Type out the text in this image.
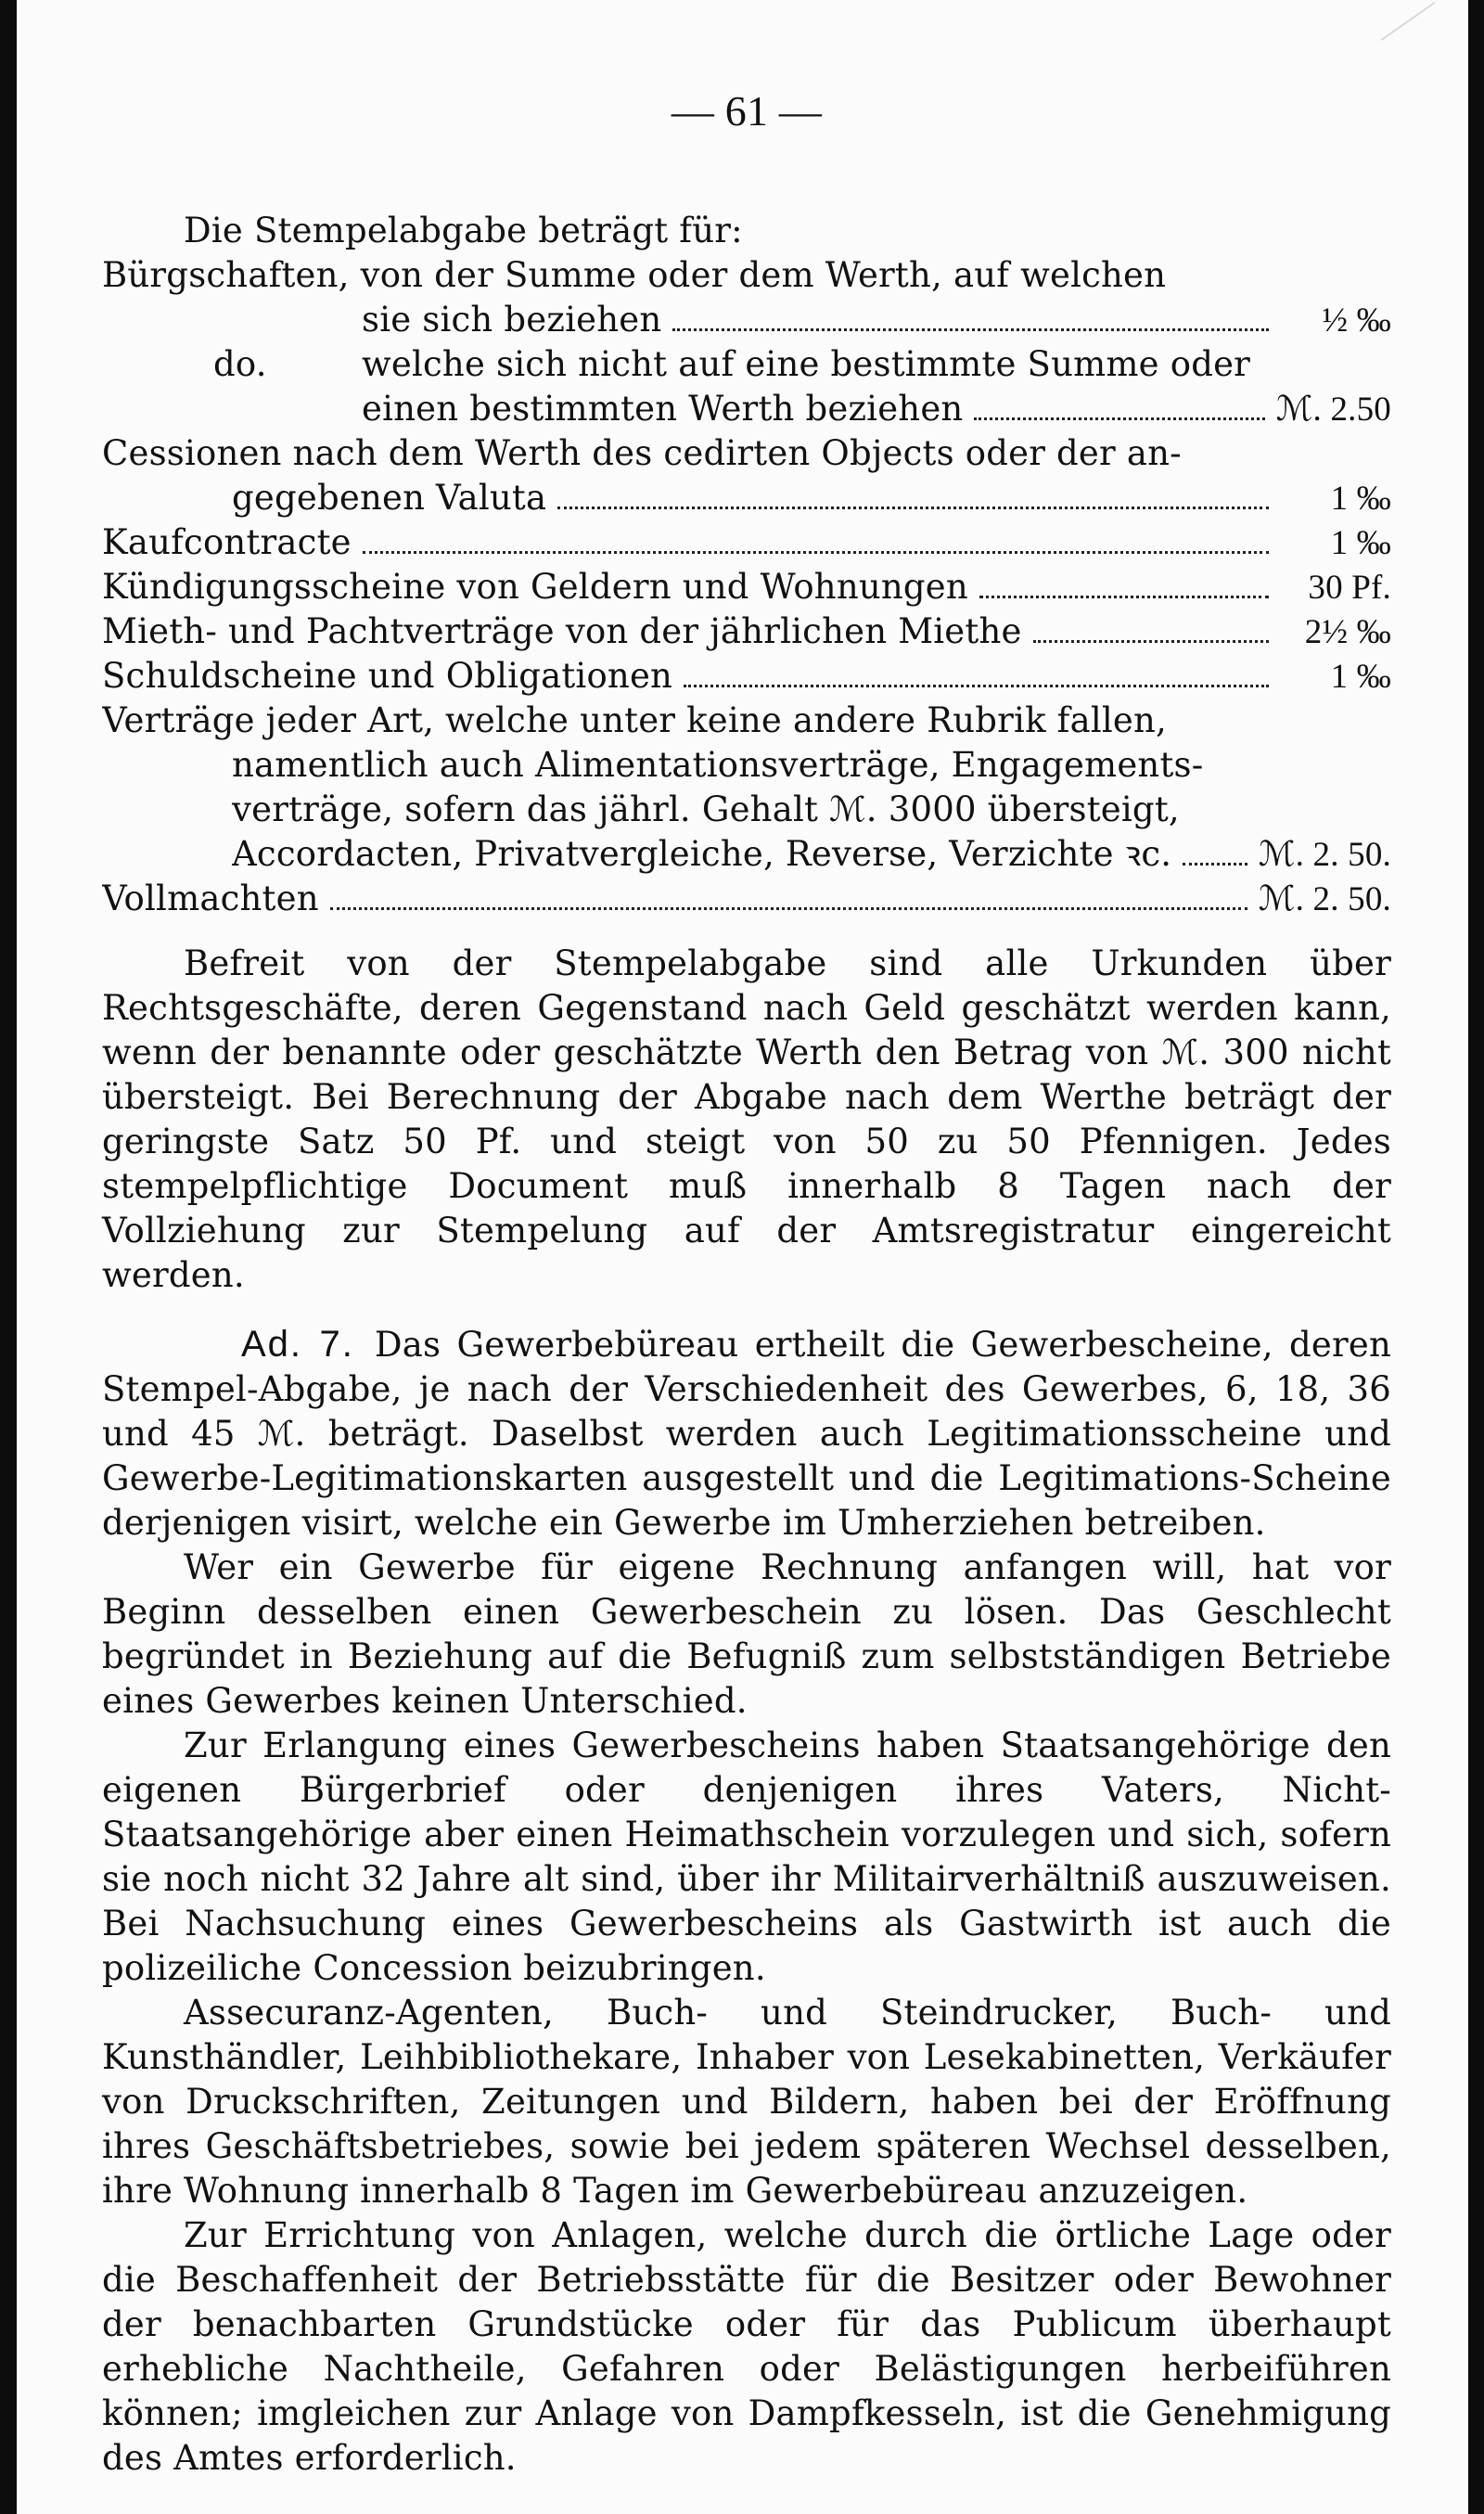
— 61 —
Die Stempelabgabe beträgt für:
Bürgschaften, von der Summe oder dem Werth, auf welchen
sie sich beziehen	½ ‰
do.	welche sich nicht auf eine bestimmte Summe oder
einen bestimmten Werth beziehen	ℳ. 2.50
Cessionen nach dem Werth des cedirten Objects oder der an-
gegebenen Valuta	1 ‰
Kaufcontracte	1 ‰
Kündigungsscheine von Geldern und Wohnungen	30 Pf.
Mieth- und Pachtverträge von der jährlichen Miethe	2½ ‰
Schuldscheine und Obligationen	1 ‰
Verträge jeder Art, welche unter keine andere Rubrik fallen,
namentlich auch Alimentationsverträge, Engagements-
verträge, sofern das jährl. Gehalt ℳ. 3000 übersteigt,
Accordacten, Privatvergleiche, Reverse, Verzichte ꝛc.	ℳ. 2. 50.
Vollmachten	ℳ. 2. 50.

Befreit von der Stempelabgabe sind alle Urkunden über Rechtsgeschäfte, deren Gegenstand nach Geld geschätzt werden kann, wenn der benannte oder geschätzte Werth den Betrag von ℳ. 300 nicht übersteigt. Bei Berechnung der Abgabe nach dem Werthe beträgt der geringste Satz 50 Pf. und steigt von 50 zu 50 Pfennigen. Jedes stempelpflichtige Document muß innerhalb 8 Tagen nach der Vollziehung zur Stempelung auf der Amtsregistratur eingereicht werden.

Ad. 7. Das Gewerbebüreau ertheilt die Gewerbescheine, deren Stempel-Abgabe, je nach der Verschiedenheit des Gewerbes, 6, 18, 36 und 45 ℳ. beträgt. Daselbst werden auch Legitimationsscheine und Gewerbe-Legitimationskarten ausgestellt und die Legitimations-Scheine derjenigen visirt, welche ein Gewerbe im Umherziehen betreiben.

Wer ein Gewerbe für eigene Rechnung anfangen will, hat vor Beginn desselben einen Gewerbeschein zu lösen. Das Geschlecht begründet in Beziehung auf die Befugniß zum selbstständigen Betriebe eines Gewerbes keinen Unterschied.

Zur Erlangung eines Gewerbescheins haben Staatsangehörige den eigenen Bürgerbrief oder denjenigen ihres Vaters, Nicht-Staatsangehörige aber einen Heimathschein vorzulegen und sich, sofern sie noch nicht 32 Jahre alt sind, über ihr Militairverhältniß auszuweisen. Bei Nachsuchung eines Gewerbescheins als Gastwirth ist auch die polizeiliche Concession beizubringen.

Assecuranz-Agenten, Buch- und Steindrucker, Buch- und Kunsthändler, Leihbibliothekare, Inhaber von Lesekabinetten, Verkäufer von Druckschriften, Zeitungen und Bildern, haben bei der Eröffnung ihres Geschäftsbetriebes, sowie bei jedem späteren Wechsel desselben, ihre Wohnung innerhalb 8 Tagen im Gewerbebüreau anzuzeigen.

Zur Errichtung von Anlagen, welche durch die örtliche Lage oder die Beschaffenheit der Betriebsstätte für die Besitzer oder Bewohner der benachbarten Grundstücke oder für das Publicum überhaupt erhebliche Nachtheile, Gefahren oder Belästigungen herbeiführen können; imgleichen zur Anlage von Dampfkesseln, ist die Genehmigung des Amtes erforderlich.
